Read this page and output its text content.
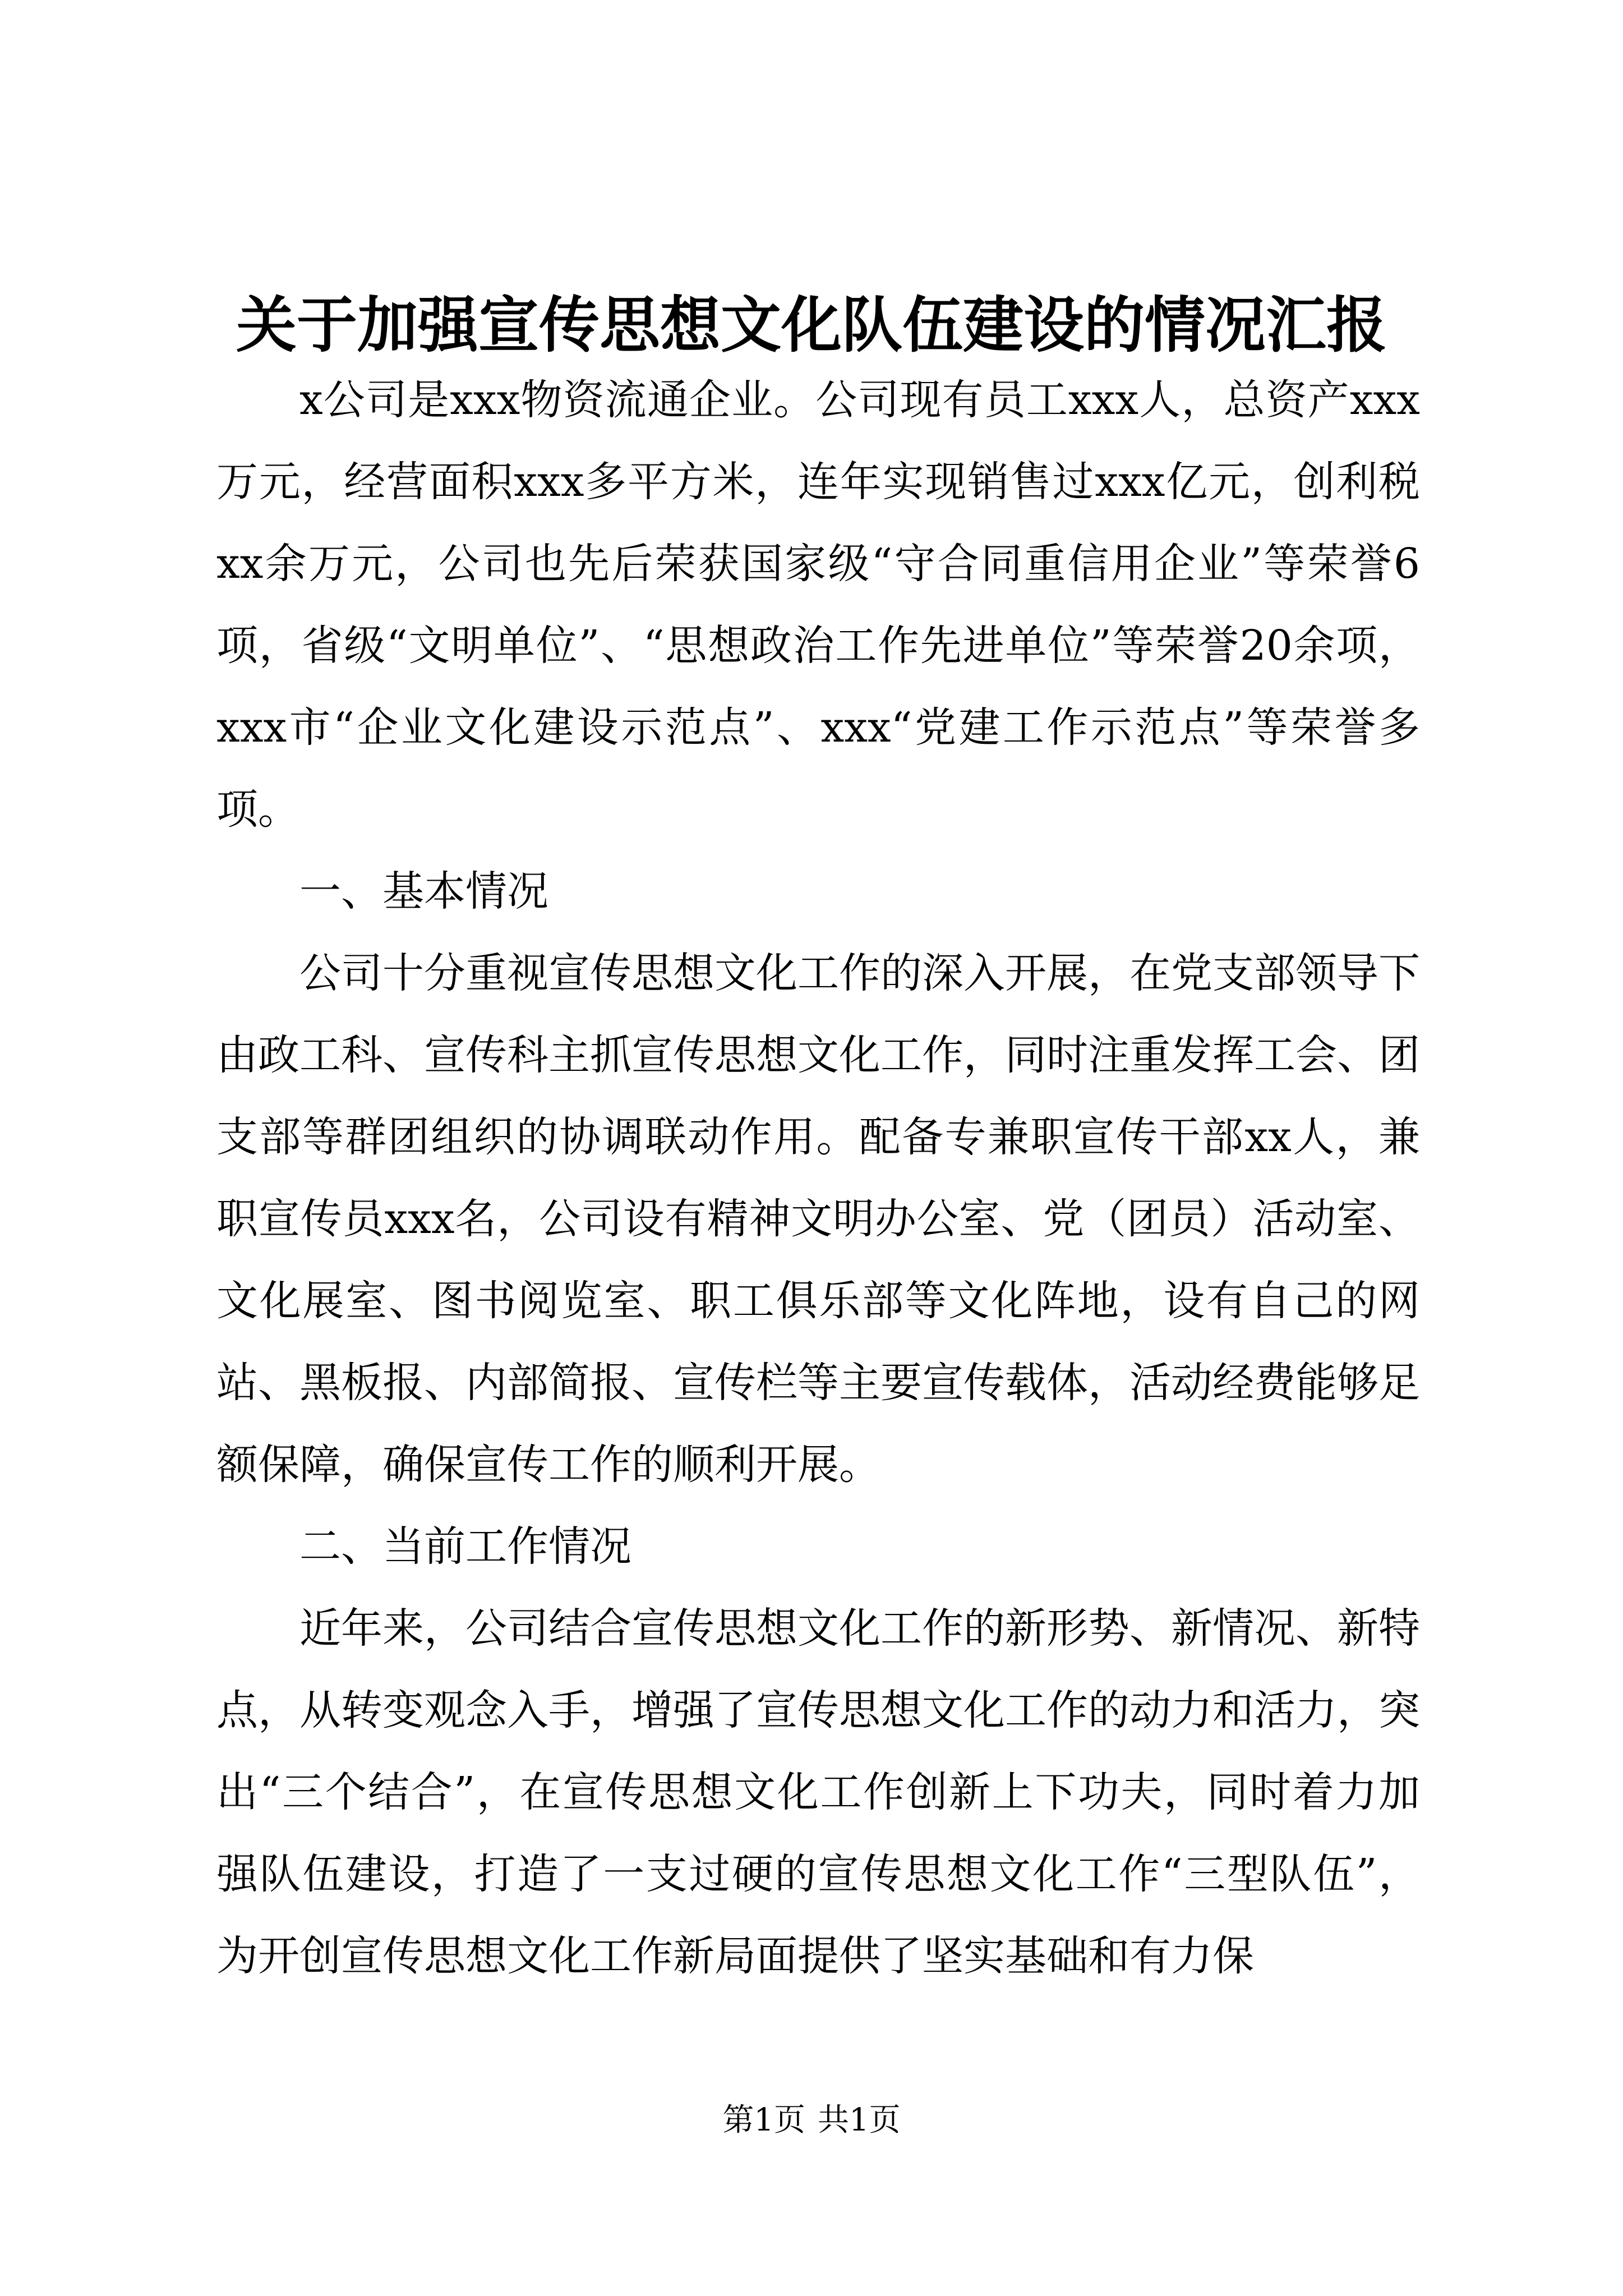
关于加强宣传思想文化队伍建设的情况汇报

x公司是xxx物资流通企业。公司现有员工xxx人，总资产xxx万元，经营面积xxx多平方米，连年实现销售过xxx亿元，创利税xx余万元，公司也先后荣获国家级“守合同重信用企业”等荣誉6项，省级“文明单位”、“思想政治工作先进单位”等荣誉20余项，xxx市“企业文化建设示范点”、xxx“党建工作示范点”等荣誉多项。

一、基本情况

公司十分重视宣传思想文化工作的深入开展，在党支部领导下由政工科、宣传科主抓宣传思想文化工作，同时注重发挥工会、团支部等群团组织的协调联动作用。配备专兼职宣传干部xx人，兼职宣传员xxx名，公司设有精神文明办公室、党（团员）活动室、文化展室、图书阅览室、职工俱乐部等文化阵地，设有自己的网站、黑板报、内部简报、宣传栏等主要宣传载体，活动经费能够足额保障，确保宣传工作的顺利开展。

二、当前工作情况

近年来，公司结合宣传思想文化工作的新形势、新情况、新特点，从转变观念入手，增强了宣传思想文化工作的动力和活力，突出“三个结合”，在宣传思想文化工作创新上下功夫，同时着力加强队伍建设，打造了一支过硬的宣传思想文化工作“三型队伍”，为开创宣传思想文化工作新局面提供了坚实基础和有力保

第1页 共1页
